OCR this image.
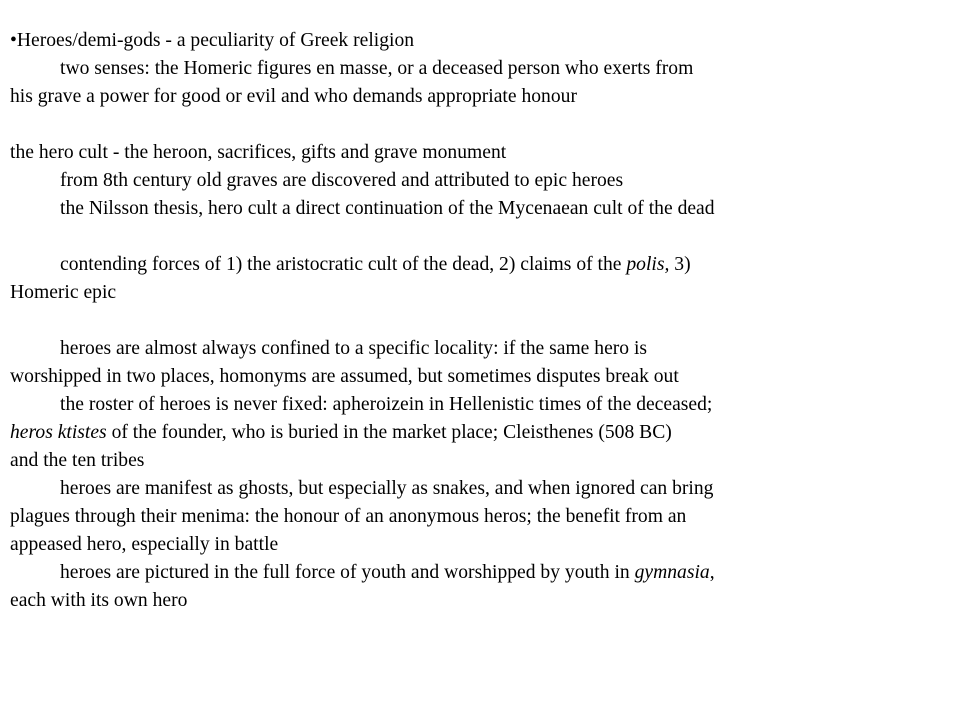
•Heroes/demi-gods - a peculiarity of Greek religion
two senses: the Homeric figures en masse, or a deceased person who exerts from
his grave a power for good or evil and who demands appropriate honour
the hero cult - the heroon, sacrifices, gifts and grave monument
from 8th century old graves are discovered and attributed to epic heroes
the Nilsson thesis, hero cult a direct continuation of the Mycenaean cult of the dead
contending forces of 1) the aristocratic cult of the dead, 2) claims of the polis, 3)
Homeric epic
heroes are almost always confined to a specific locality: if the same hero is
worshipped in two places, homonyms are assumed, but sometimes disputes break out
the roster of heroes is never fixed: apheroizein in Hellenistic times of the deceased;
heros ktistes of the founder, who is buried in the market place; Cleisthenes (508 BC)
and the ten tribes
heroes are manifest as ghosts, but especially as snakes, and when ignored can bring
plagues through their menima: the honour of an anonymous heros; the benefit from an
appeased hero, especially in battle
heroes are pictured in the full force of youth and worshipped by youth in gymnasia,
each with its own hero
